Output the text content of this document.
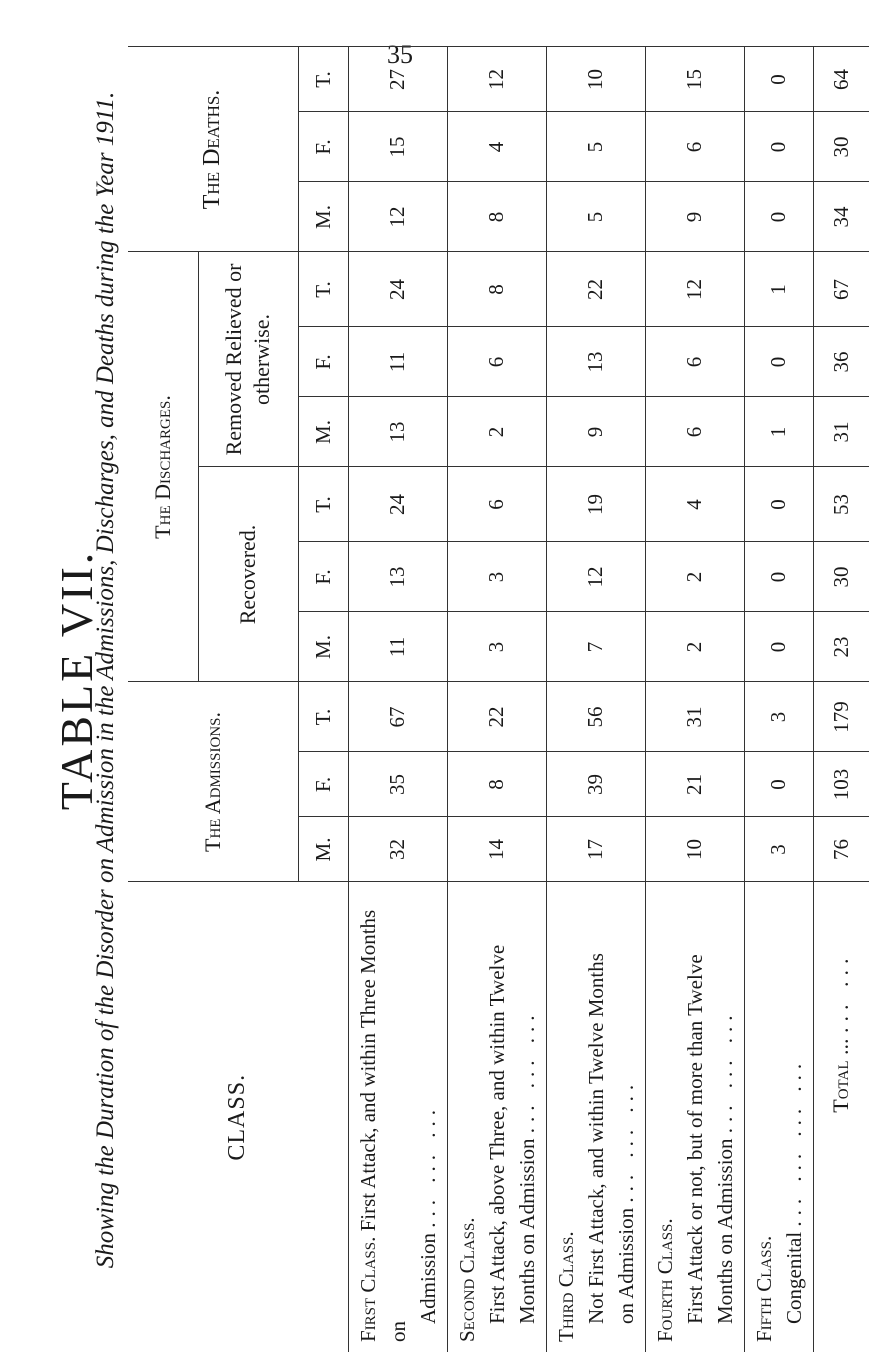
35
TABLE VII.
Showing the Duration of the Disorder on Admission in the Admissions, Discharges, and Deaths during the Year 1911.	CLASS.	The Admissions.			The Discharges.						The Deaths.		
				Recovered.			Removed Relieved or otherwise.					
	M.	F.	T.	M.	F.	T.	M.	F.	T.	M.	F.	T.
First Class. First Attack, and within Three Months on
Admission ... ... ...	32	35	67	11	13	24	13	11	24	12	15	27
Second Class. First Attack, above Three, and within Twelve Months on Admission ... ... ...	14	8	22	3	3	6	2	6	8	8	4	12
Third Class. Not First Attack, and within Twelve Months on Admission ... ... ...	17	39	56	7	12	19	9	13	22	5	5	10
Fourth Class. First Attack or not, but of more than Twelve Months on Admission ... ... ...	10	21	31	2	2	4	6	6	12	9	6	15
Fifth Class. Congenital ... ... ... ...	3	0	3	0	0	0	1	0	1	0	0	0
Total ... ... ...	76	103	179	23	30	53	31	36	67	34	30	64
